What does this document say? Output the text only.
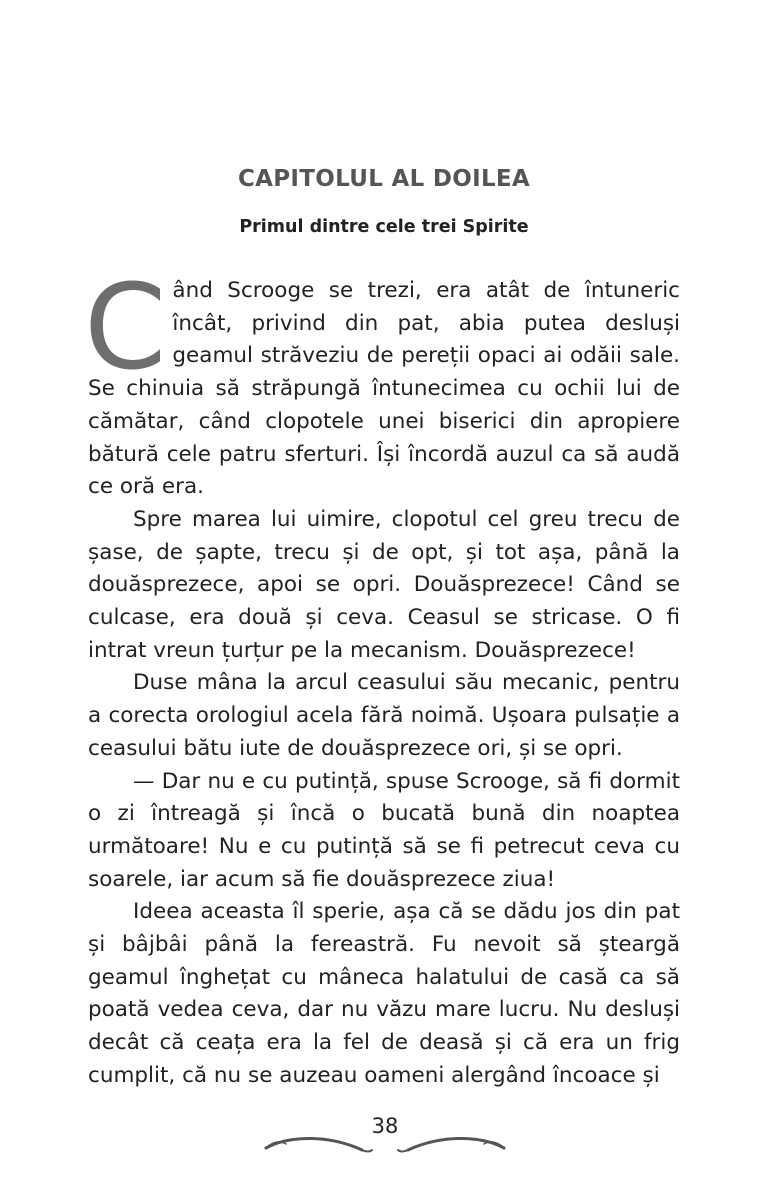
CAPITOLUL AL DOILEA
Primul dintre cele trei Spirite

Când Scrooge se trezi, era atât de întuneric încât, privind din pat, abia putea desluși geamul străveziu de pereții opaci ai odăii sale. Se chinuia să străpungă întunecimea cu ochii lui de cămătar, când clopotele unei biserici din apropiere bătură cele patru sferturi. Își încordă auzul ca să audă ce oră era.

Spre marea lui uimire, clopotul cel greu trecu de șase, de șapte, trecu și de opt, și tot așa, până la douăsprezece, apoi se opri. Douăsprezece! Când se culcase, era două și ceva. Ceasul se stricase. O fi intrat vreun țurțur pe la mecanism. Douăsprezece!

Duse mâna la arcul ceasului său mecanic, pentru a corecta orologiul acela fără noimă. Ușoara pulsație a ceasului bătu iute de douăsprezece ori, și se opri.

— Dar nu e cu putință, spuse Scrooge, să fi dormit o zi întreagă și încă o bucată bună din noaptea următoare! Nu e cu putință să se fi petrecut ceva cu soarele, iar acum să fie douăsprezece ziua!

Ideea aceasta îl sperie, așa că se dădu jos din pat și bâjbâi până la fereastră. Fu nevoit să șteargă geamul înghețat cu mâneca halatului de casă ca să poată vedea ceva, dar nu văzu mare lucru. Nu desluși decât că ceața era la fel de deasă și că era un frig cumplit, că nu se auzeau oameni alergând încoace și

38
